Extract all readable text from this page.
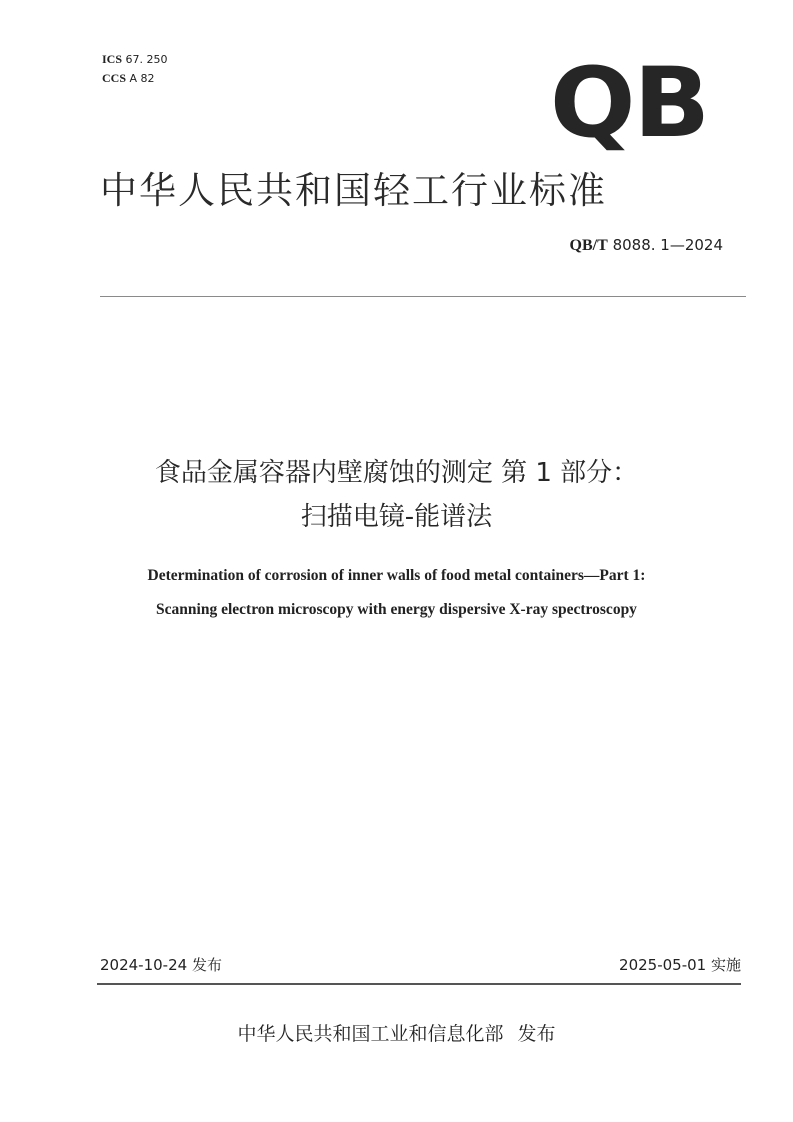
ICS 67. 250
CCS A 82	QB
中华人民共和国轻工行业标准
QB/T 8088. 1—2024
食品金属容器内壁腐蚀的测定 第 1 部分：
扫描电镜-能谱法
Determination of corrosion of inner walls of food metal containers—Part 1:
Scanning electron microscopy with energy dispersive X-ray spectroscopy
2024-10-24 发布	2025-05-01 实施
中华人民共和国工业和信息化部 发布
